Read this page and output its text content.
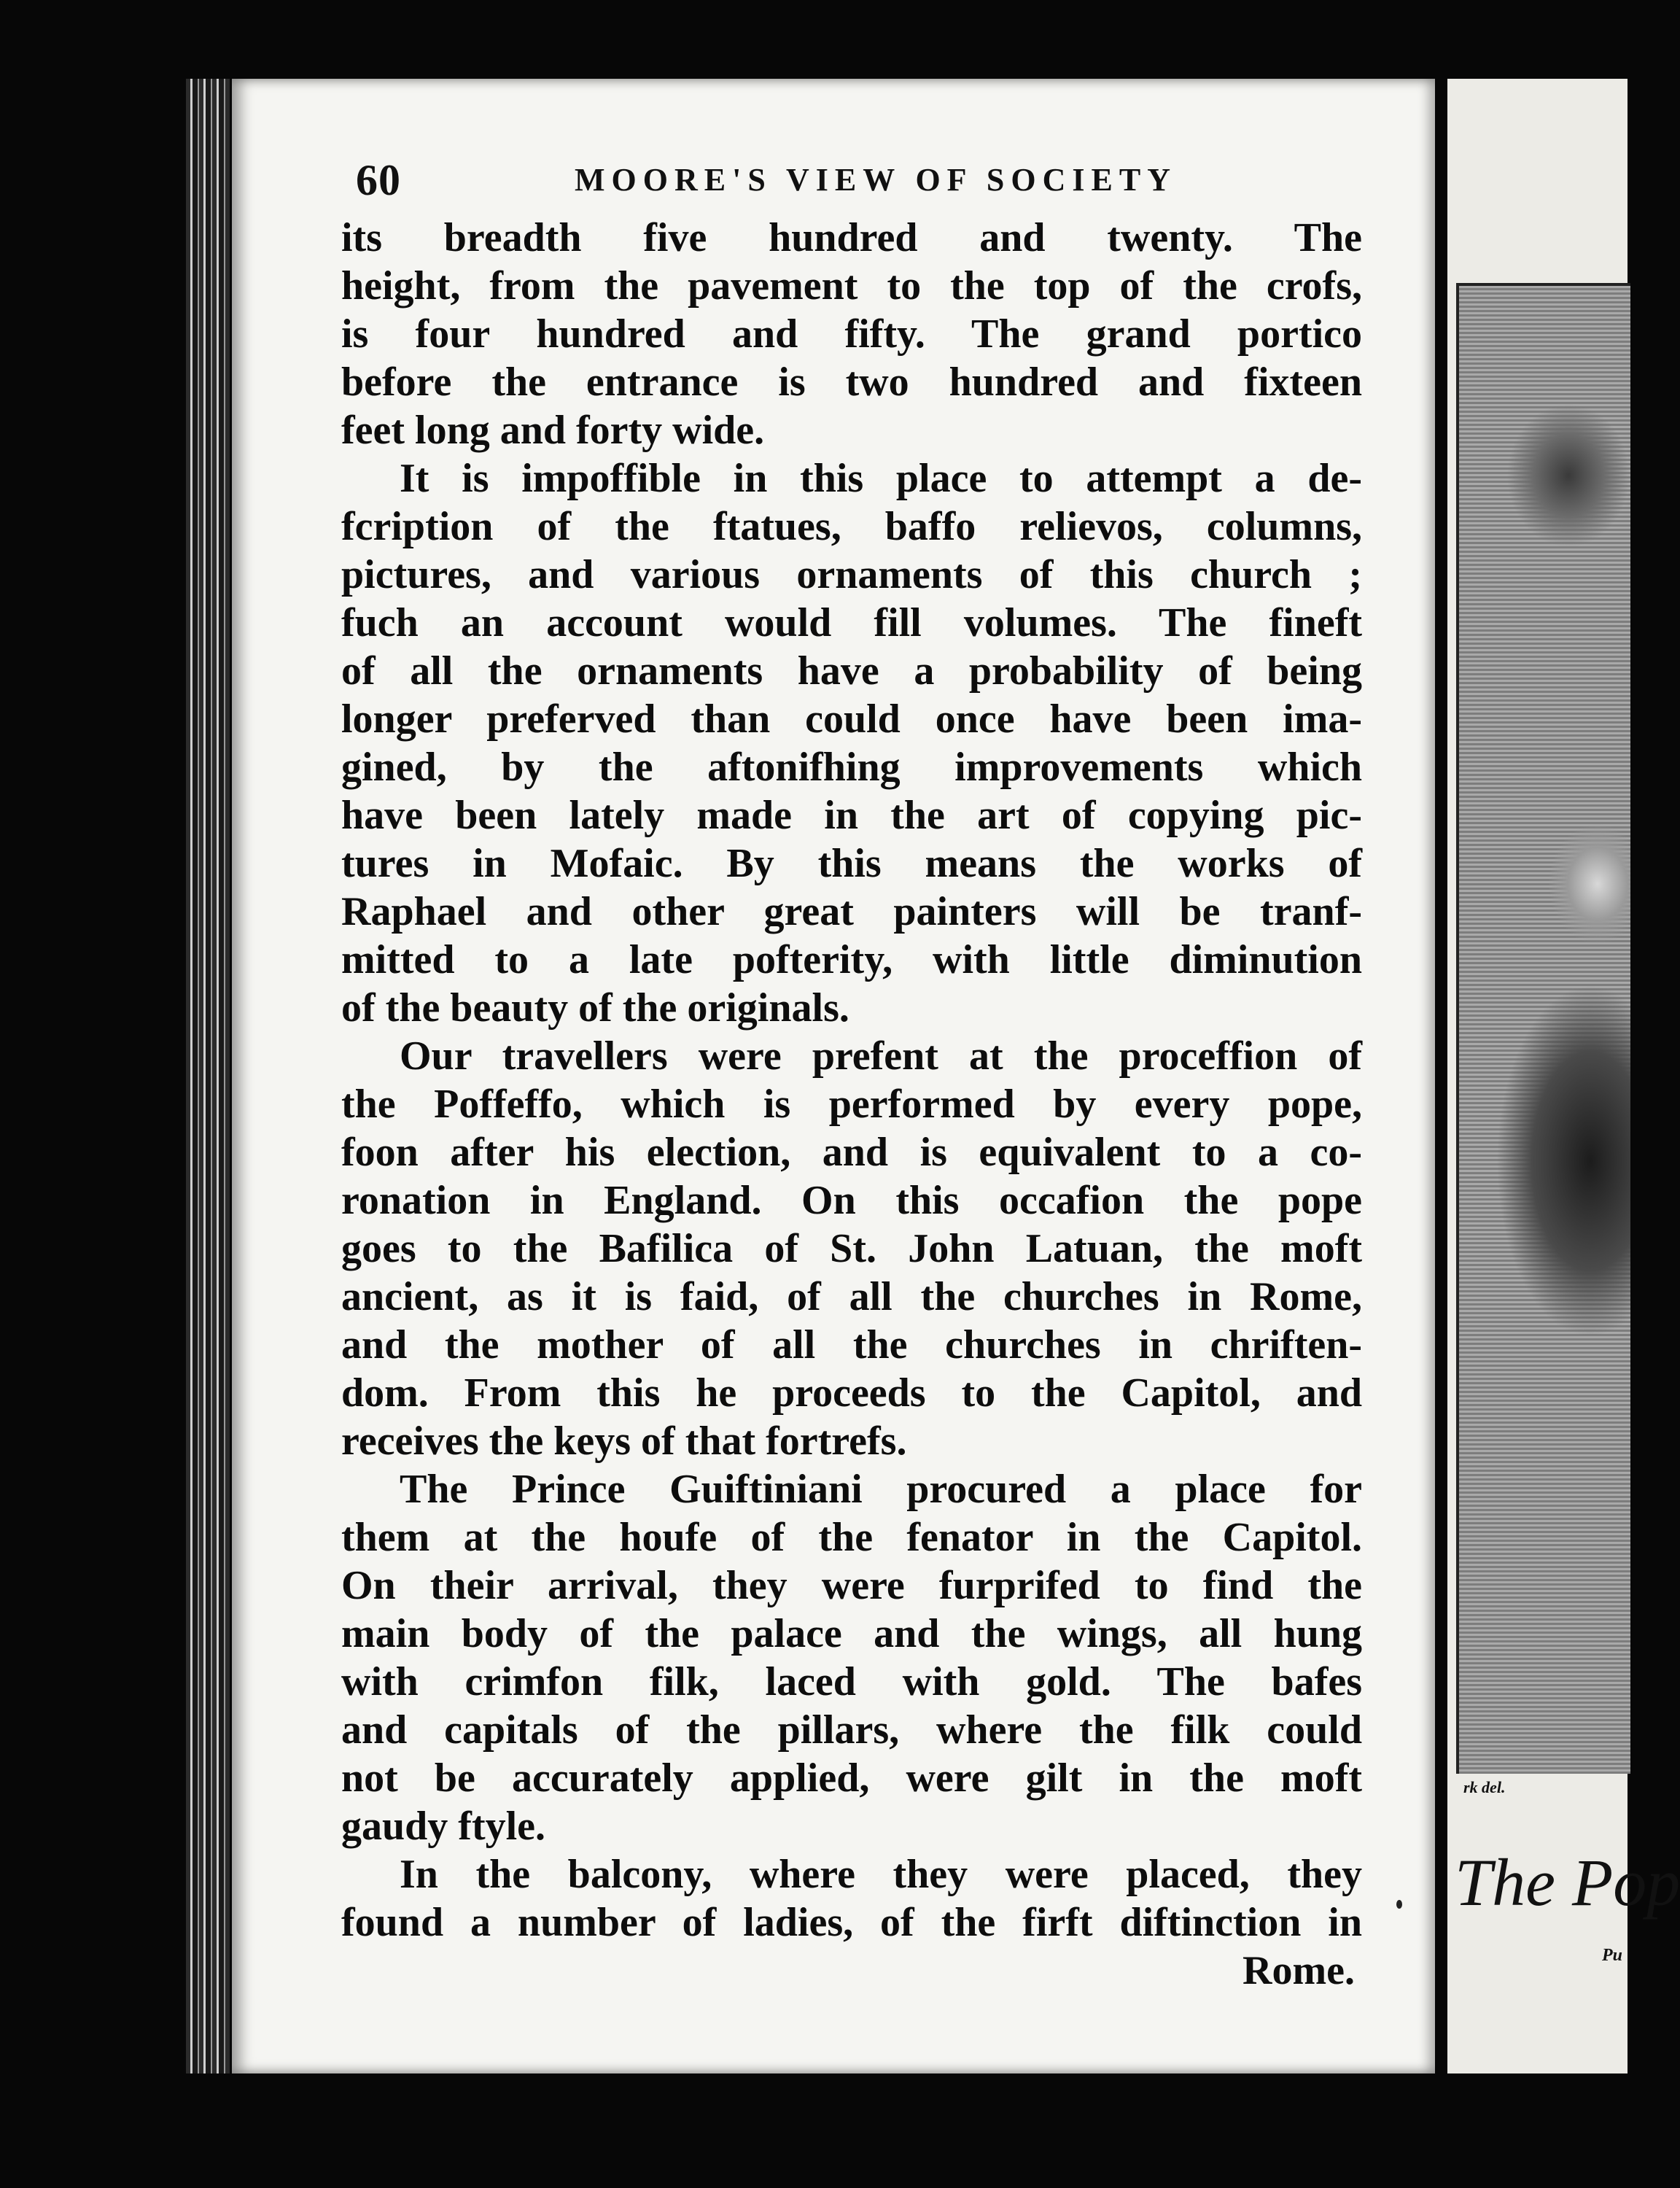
60	MOORE'S VIEW OF SOCIETY
its breadth five hundred and twenty. The
height, from the pavement to the top of the crofs,
is four hundred and fifty. The grand portico
before the entrance is two hundred and fixteen
feet long and forty wide.
It is impoffible in this place to attempt a de-
fcription of the ftatues, baffo relievos, columns,
pictures, and various ornaments of this church ;
fuch an account would fill volumes. The fineft
of all the ornaments have a probability of being
longer preferved than could once have been ima-
gined, by the aftonifhing improvements which
have been lately made in the art of copying pic-
tures in Mofaic. By this means the works of
Raphael and other great painters will be tranf-
mitted to a late pofterity, with little diminution
of the beauty of the originals.
Our travellers were prefent at the proceffion of
the Poffeffo, which is performed by every pope,
foon after his election, and is equivalent to a co-
ronation in England. On this occafion the pope
goes to the Bafilica of St. John Latuan, the moft
ancient, as it is faid, of all the churches in Rome,
and the mother of all the churches in chriften-
dom. From this he proceeds to the Capitol, and
receives the keys of that fortrefs.
The Prince Guiftiniani procured a place for
them at the houfe of the fenator in the Capitol.
On their arrival, they were furprifed to find the
main body of the palace and the wings, all hung
with crimfon filk, laced with gold. The bafes
and capitals of the pillars, where the filk could
not be accurately applied, were gilt in the moft
gaudy ftyle.
In the balcony, where they were placed, they
found a number of ladies, of the firft diftinction in
Rome.
rk del.
The Pop
Pu
